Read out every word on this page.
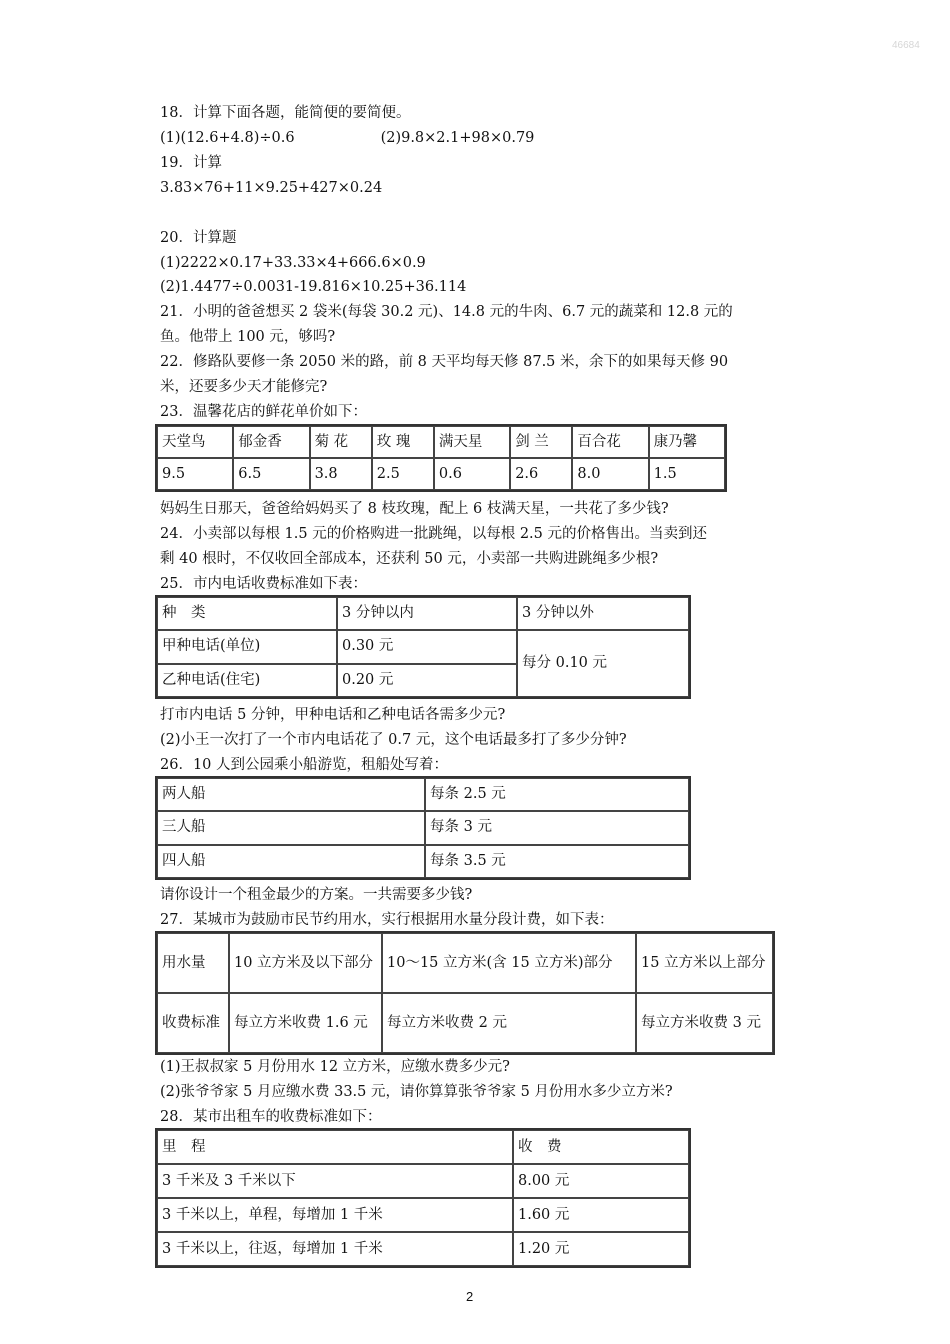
46684
18．计算下面各题，能简便的要简便。
(1)(12.6+4.8)÷0.6	(2)9.8×2.1+98×0.79
19．计算
3.83×76+11×9.25+427×0.24
20．计算题
(1)2222×0.17+33.33×4+666.6×0.9
(2)1.4477÷0.0031-19.816×10.25+36.114
21．小明的爸爸想买 2 袋米(每袋 30.2 元)、14.8 元的牛肉、6.7 元的蔬菜和 12.8 元的
鱼。他带上 100 元，够吗?
22．修路队要修一条 2050 米的路，前 8 天平均每天修 87.5 米，余下的如果每天修 90
米，还要多少天才能修完?
23．温馨花店的鲜花单价如下：
天堂鸟	郁金香	菊 花	玫 瑰	满天星	剑 兰	百合花	康乃馨
9.5	6.5	3.8	2.5	0.6	2.6	8.0	1.5
妈妈生日那天，爸爸给妈妈买了 8 枝玫瑰，配上 6 枝满天星，一共花了多少钱?
24．小卖部以每根 1.5 元的价格购进一批跳绳，以每根 2.5 元的价格售出。当卖到还
剩 40 根时，不仅收回全部成本，还获利 50 元，小卖部一共购进跳绳多少根?
25．市内电话收费标准如下表：
种　类	3 分钟以内	3 分钟以外
甲种电话(单位)	0.30 元	每分 0.10 元
乙种电话(住宅)	0.20 元	
打市内电话 5 分钟，甲种电话和乙种电话各需多少元?
(2)小王一次打了一个市内电话花了 0.7 元，这个电话最多打了多少分钟?
26．10 人到公园乘小船游览，租船处写着：
两人船	每条 2.5 元
三人船	每条 3 元
四人船	每条 3.5 元
请你设计一个租金最少的方案。一共需要多少钱?
27．某城市为鼓励市民节约用水，实行根据用水量分段计费，如下表：
用水量	10 立方米及以下部分	10～15 立方米(含 15 立方米)部分	15 立方米以上部分
收费标准	每立方米收费 1.6 元	每立方米收费 2 元	每立方米收费 3 元
(1)王叔叔家 5 月份用水 12 立方米，应缴水费多少元?
(2)张爷爷家 5 月应缴水费 33.5 元，请你算算张爷爷家 5 月份用水多少立方米?
28．某市出租车的收费标准如下：
里　程	收　费
3 千米及 3 千米以下	8.00 元
3 千米以上，单程，每增加 1 千米	1.60 元
3 千米以上，往返，每增加 1 千米	1.20 元
2
